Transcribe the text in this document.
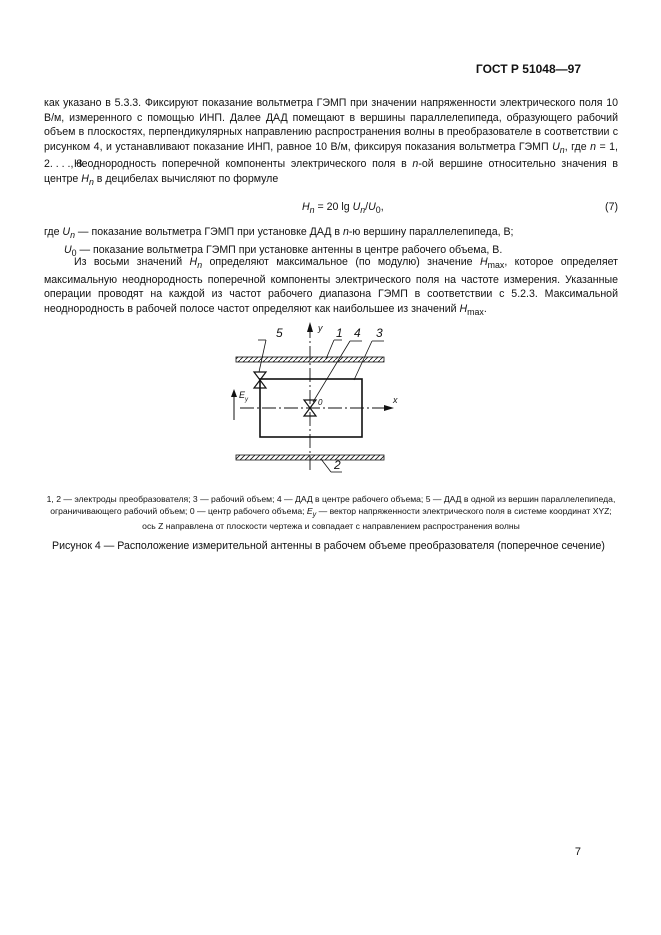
ГОСТ Р 51048—97
как указано в 5.3.3. Фиксируют показание вольтметра ГЭМП при значении напряженности электрического поля 10 В/м, измеренного с помощью ИНП. Далее ДАД помещают в вершины параллелепипеда, образующего рабочий объем в плоскостях, перпендикулярных направлению распространения волны в преобразователе в соответствии с рисунком 4, и устанавливают показание ИНП, равное 10 В/м, фиксируя показания вольтметра ГЭМП $U_n$, где n = 1, 2. . . ., 8.
Неоднородность поперечной компоненты электрического поля в n-ой вершине относительно значения в центре $H_n$ в децибелах вычисляют по формуле
$H_n = 20$ $\lg U_n/U_0$,	(7)
где $U_n$ — показание вольтметра ГЭМП при установке ДАД в n-ю вершину параллелепипеда, В;
$U_0$ — показание вольтметра ГЭМП при установке антенны в центре рабочего объема, В.
Из восьми значений $H_n$ определяют максимальное (по модулю) значение $H_{max}$, которое определяет максимальную неоднородность поперечной компоненты электрического поля на частоте измерения. Указанные операции проводят на каждой из частот рабочего диапазона ГЭМП в соответствии с 5.2.3. Максимальной неоднородность в рабочей полосе частот определяют как наибольшее из значений $H_{max}$.
5	1	3
4
2
0
y
x
E y
1, 2 — электроды преобразователя; 3 — рабочий объем; 4 — ДАД в центре рабочего объема; 5 — ДАД в одной из вершин параллелепипеда, ограничивающего рабочий объем; 0 — центр рабочего объема; $E_y$ — вектор напряженности электрического поля в системе координат XYZ; ось Z направлена от плоскости чертежа и совпадает с направлением распространения волны
Рисунок 4 — Расположение измерительной антенны в рабочем объеме преобразователя (поперечное сечение)
7
